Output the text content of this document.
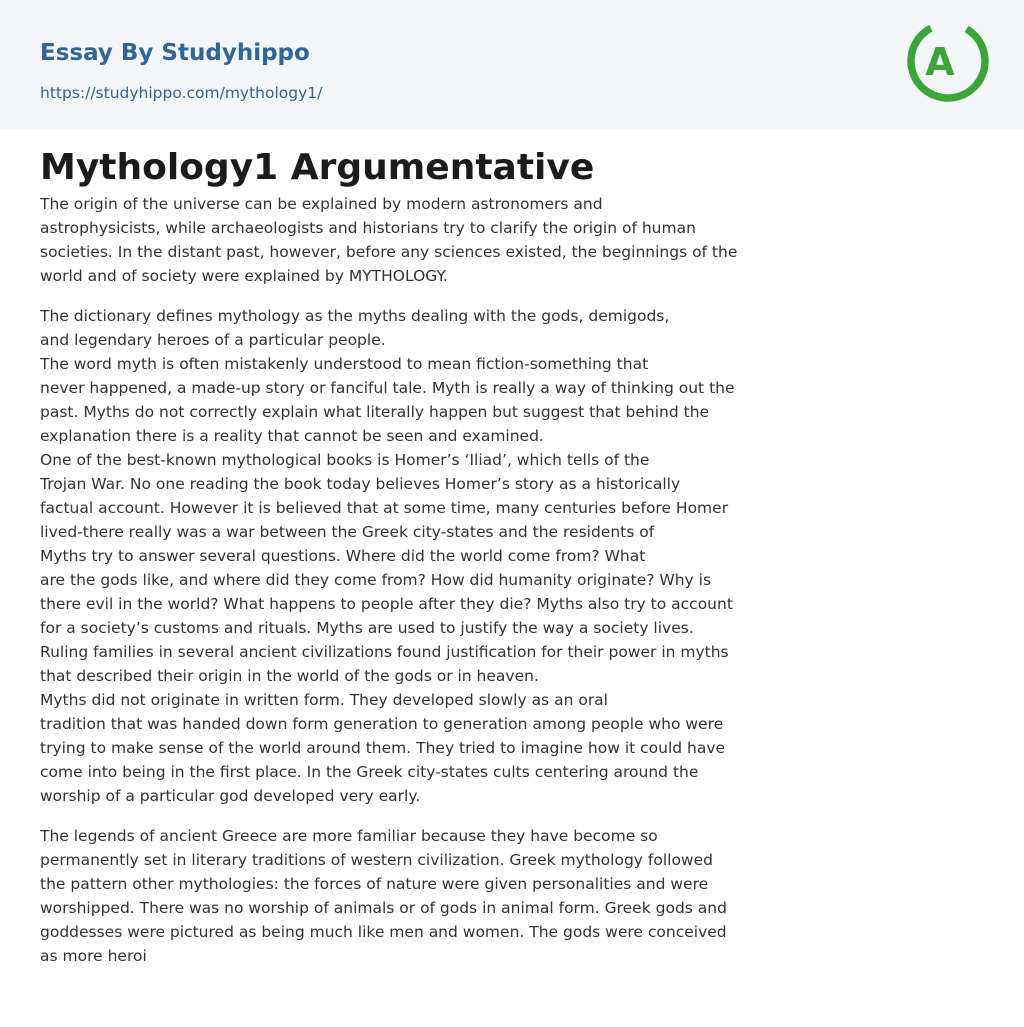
Essay By Studyhippo
https://studyhippo.com/mythology1/
A
Mythology1 Argumentative
The origin of the universe can be explained by modern astronomers and
astrophysicists, while archaeologists and historians try to clarify the origin of human
societies. In the distant past, however, before any sciences existed, the beginnings of the
world and of society were explained by MYTHOLOGY.
The dictionary defines mythology as the myths dealing with the gods, demigods,
and legendary heroes of a particular people.
The word myth is often mistakenly understood to mean fiction-something that
never happened, a made-up story or fanciful tale. Myth is really a way of thinking out the
past. Myths do not correctly explain what literally happen but suggest that behind the
explanation there is a reality that cannot be seen and examined.
One of the best-known mythological books is Homer’s ‘Iliad’, which tells of the
Trojan War. No one reading the book today believes Homer’s story as a historically
factual account. However it is believed that at some time, many centuries before Homer
lived-there really was a war between the Greek city-states and the residents of
Myths try to answer several questions. Where did the world come from? What
are the gods like, and where did they come from? How did humanity originate? Why is
there evil in the world? What happens to people after they die? Myths also try to account
for a society’s customs and rituals. Myths are used to justify the way a society lives.
Ruling families in several ancient civilizations found justification for their power in myths
that described their origin in the world of the gods or in heaven.
Myths did not originate in written form. They developed slowly as an oral
tradition that was handed down form generation to generation among people who were
trying to make sense of the world around them. They tried to imagine how it could have
come into being in the first place. In the Greek city-states cults centering around the
worship of a particular god developed very early.
The legends of ancient Greece are more familiar because they have become so
permanently set in literary traditions of western civilization. Greek mythology followed
the pattern other mythologies: the forces of nature were given personalities and were
worshipped. There was no worship of animals or of gods in animal form. Greek gods and
goddesses were pictured as being much like men and women. The gods were conceived
as more heroi
